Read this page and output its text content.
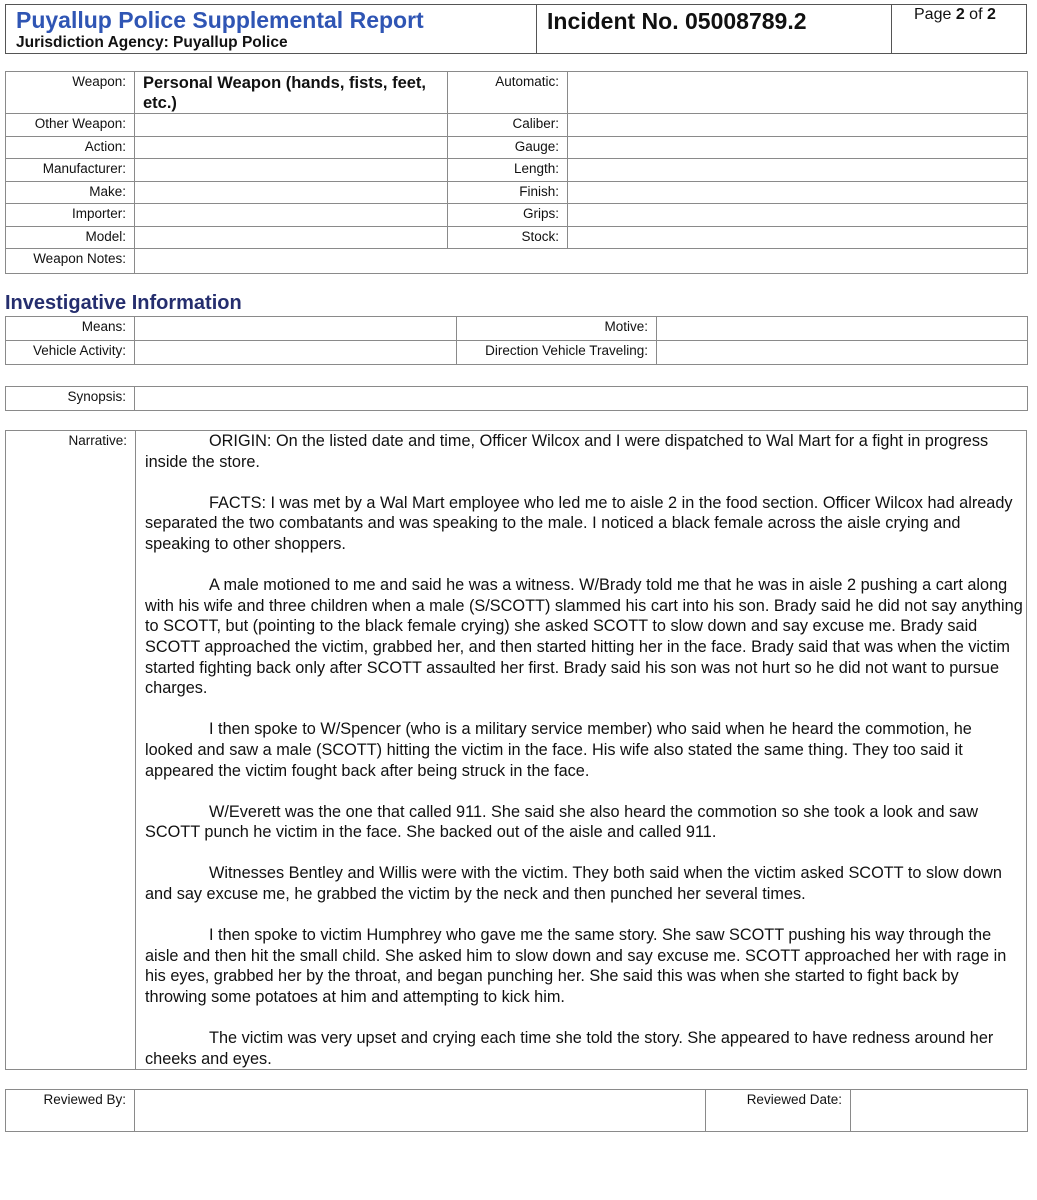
Puyallup Police Supplemental Report
Jurisdiction Agency: Puyallup Police
Incident No. 05008789.2	Page 2 of 2
Weapon:	Personal Weapon (hands, fists, feet, etc.)	Automatic:	
Other Weapon:		Caliber:	
Action:		Gauge:	
Manufacturer:		Length:	
Make:		Finish:	
Importer:		Grips:	
Model:		Stock:	
Weapon Notes:			
Investigative Information
Means:		Motive:	
Vehicle Activity:		Direction Vehicle Traveling:	
Synopsis:	
Narrative:	ORIGIN: On the listed date and time, Officer Wilcox and I were dispatched to Wal Mart for a fight in progress inside the store.

FACTS: I was met by a Wal Mart employee who led me to aisle 2 in the food section. Officer Wilcox had already separated the two combatants and was speaking to the male. I noticed a black female across the aisle crying and speaking to other shoppers.

A male motioned to me and said he was a witness. W/Brady told me that he was in aisle 2 pushing a cart along with his wife and three children when a male (S/SCOTT) slammed his cart into his son. Brady said he did not say anything to SCOTT, but (pointing to the black female crying) she asked SCOTT to slow down and say excuse me. Brady said SCOTT approached the victim, grabbed her, and then started hitting her in the face. Brady said that was when the victim started fighting back only after SCOTT assaulted her first. Brady said his son was not hurt so he did not want to pursue charges.

I then spoke to W/Spencer (who is a military service member) who said when he heard the commotion, he looked and saw a male (SCOTT) hitting the victim in the face. His wife also stated the same thing. They too said it appeared the victim fought back after being struck in the face.

W/Everett was the one that called 911. She said she also heard the commotion so she took a look and saw SCOTT punch he victim in the face. She backed out of the aisle and called 911.

Witnesses Bentley and Willis were with the victim. They both said when the victim asked SCOTT to slow down and say excuse me, he grabbed the victim by the neck and then punched her several times.

I then spoke to victim Humphrey who gave me the same story. She saw SCOTT pushing his way through the aisle and then hit the small child. She asked him to slow down and say excuse me. SCOTT approached her with rage in his eyes, grabbed her by the throat, and began punching her. She said this was when she started to fight back by throwing some potatoes at him and attempting to kick him.

The victim was very upset and crying each time she told the story. She appeared to have redness around her cheeks and eyes.

Reviewed By:		Reviewed Date:	
